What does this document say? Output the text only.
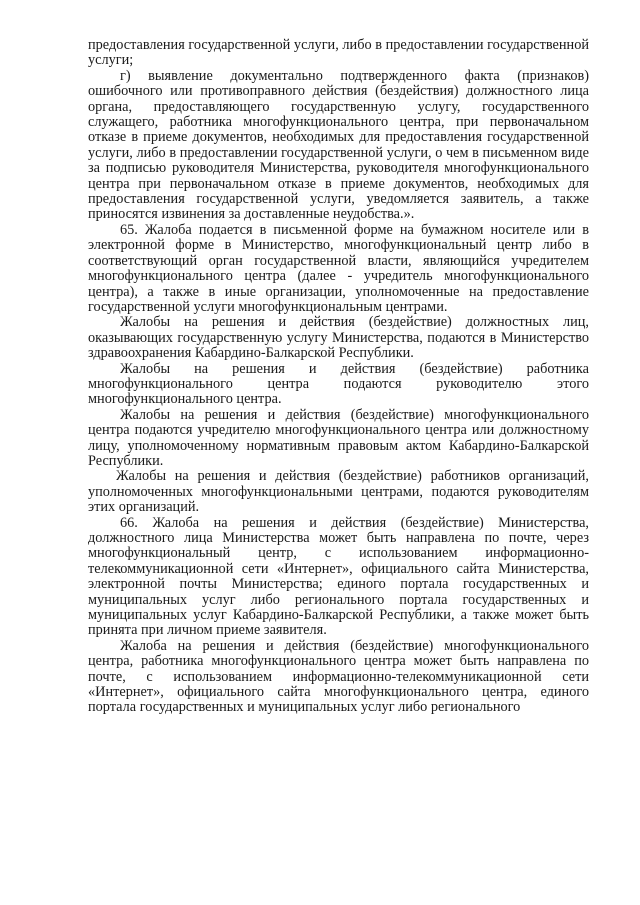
предоставления государственной услуги, либо в предоставлении государственной услуги;

г) выявление документально подтвержденного факта (признаков) ошибочного или противоправного действия (бездействия) должностного лица органа, предоставляющего государственную услугу, государственного служащего, работника многофункционального центра, при первоначальном отказе в приеме документов, необходимых для предоставления государственной услуги, либо в предоставлении государственной услуги, о чем в письменном виде за подписью руководителя Министерства, руководителя многофункционального центра при первоначальном отказе в приеме документов, необходимых для предоставления государственной услуги, уведомляется заявитель, а также приносятся извинения за доставленные неудобства.».

65. Жалоба подается в письменной форме на бумажном носителе или в электронной форме в Министерство, многофункциональный центр либо в соответствующий орган государственной власти, являющийся учредителем многофункционального центра (далее - учредитель многофункционального центра), а также в иные организации, уполномоченные на предоставление государственной услуги многофункциональным центрами.

Жалобы на решения и действия (бездействие) должностных лиц, оказывающих государственную услугу Министерства, подаются в Министерство здравоохранения Кабардино-Балкарской Республики.

Жалобы на решения и действия (бездействие) работника многофункционального центра подаются руководителю этого многофункционального центра.

Жалобы на решения и действия (бездействие) многофункционального центра подаются учредителю многофункционального центра или должностному лицу, уполномоченному нормативным правовым актом Кабардино-Балкарской Республики.

Жалобы на решения и действия (бездействие) работников организаций, уполномоченных многофункциональными центрами, подаются руководителям этих организаций.

66. Жалоба на решения и действия (бездействие) Министерства, должностного лица Министерства может быть направлена по почте, через многофункциональный центр, с использованием информационно-телекоммуникационной сети «Интернет», официального сайта Министерства, электронной почты Министерства; единого портала государственных и муниципальных услуг либо регионального портала государственных и муниципальных услуг Кабардино-Балкарской Республики, а также может быть принята при личном приеме заявителя.

Жалоба на решения и действия (бездействие) многофункционального центра, работника многофункционального центра может быть направлена по почте, с использованием информационно-телекоммуникационной сети «Интернет», официального сайта многофункционального центра, единого портала государственных и муниципальных услуг либо регионального
